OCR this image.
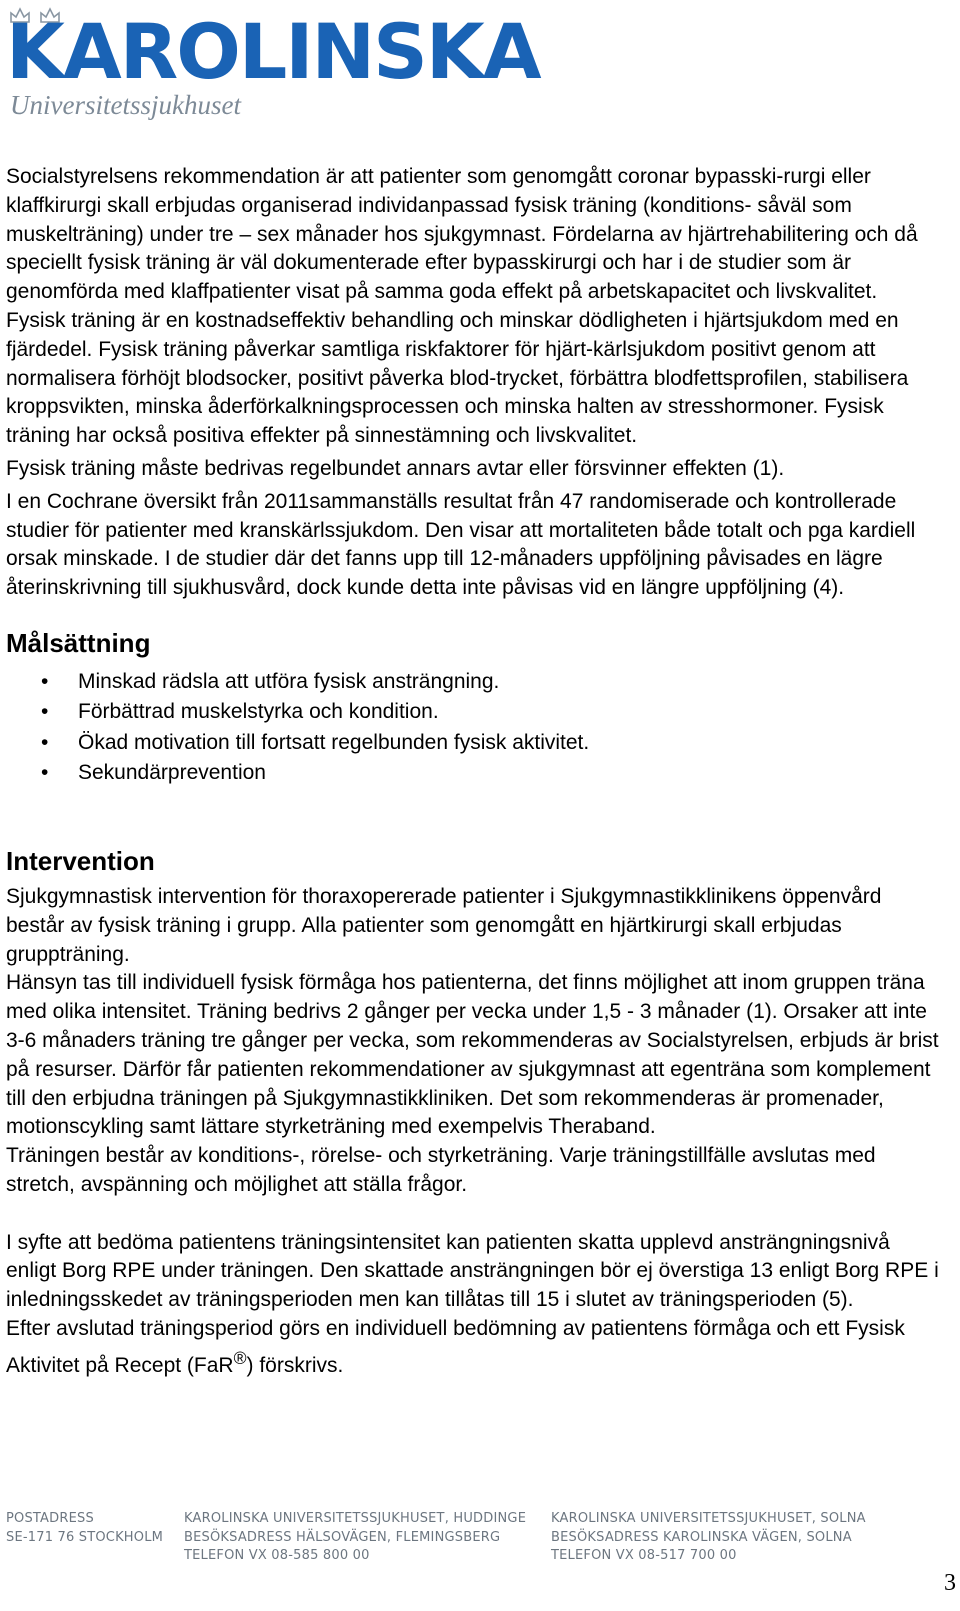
KAROLINSKA
Universitetssjukhuset

Socialstyrelsens rekommendation är att patienter som genomgått coronar bypasski-rurgi eller klaffkirurgi skall erbjudas organiserad individanpassad fysisk träning (konditions- såväl som muskelträning) under tre – sex månader hos sjukgymnast. Fördelarna av hjärtrehabilitering och då speciellt fysisk träning är väl dokumenterade efter bypasskirurgi och har i de studier som är genomförda med klaffpatienter visat på samma goda effekt på arbetskapacitet och livskvalitet.

Fysisk träning är en kostnadseffektiv behandling och minskar dödligheten i hjärtsjukdom med en fjärdedel. Fysisk träning påverkar samtliga riskfaktorer för hjärt-kärlsjukdom positivt genom att normalisera förhöjt blodsocker, positivt påverka blod-trycket, förbättra blodfettsprofilen, stabilisera kroppsvikten, minska åderförkalkningsprocessen och minska halten av stresshormoner. Fysisk träning har också positiva effekter på sinnestämning och livskvalitet.

Fysisk träning måste bedrivas regelbundet annars avtar eller försvinner effekten (1).

I en Cochrane översikt från 2011sammanställs resultat från 47 randomiserade och kontrollerade studier för patienter med kranskärlssjukdom. Den visar att mortaliteten både totalt och pga kardiell orsak minskade. I de studier där det fanns upp till 12-månaders uppföljning påvisades en lägre återinskrivning till sjukhusvård, dock kunde detta inte påvisas vid en längre uppföljning (4).

Målsättning
• Minskad rädsla att utföra fysisk ansträngning.
• Förbättrad muskelstyrka och kondition.
• Ökad motivation till fortsatt regelbunden fysisk aktivitet.
• Sekundärprevention
Intervention

Sjukgymnastisk intervention för thoraxopererade patienter i Sjukgymnastikklinikens öppenvård består av fysisk träning i grupp. Alla patienter som genomgått en hjärtkirurgi skall erbjudas gruppträning.

Hänsyn tas till individuell fysisk förmåga hos patienterna, det finns möjlighet att inom gruppen träna med olika intensitet. Träning bedrivs 2 gånger per vecka under 1,5 - 3 månader (1). Orsaker att inte 3-6 månaders träning tre gånger per vecka, som rekommenderas av Socialstyrelsen, erbjuds är brist på resurser. Därför får patienten rekommendationer av sjukgymnast att egenträna som komplement till den erbjudna träningen på Sjukgymnastikkliniken. Det som rekommenderas är promenader, motionscykling samt lättare styrketräning med exempelvis Theraband.

Träningen består av konditions-, rörelse- och styrketräning. Varje träningstillfälle avslutas med stretch, avspänning och möjlighet att ställa frågor.

I syfte att bedöma patientens träningsintensitet kan patienten skatta upplevd ansträngningsnivå enligt Borg RPE under träningen. Den skattade ansträngningen bör ej överstiga 13 enligt Borg RPE i inledningsskedet av träningsperioden men kan tillåtas till 15 i slutet av träningsperioden (5).

Efter avslutad träningsperiod görs en individuell bedömning av patientens förmåga och ett Fysisk Aktivitet på Recept (FaR®) förskrivs.

POSTADRESS
SE-171 76 STOCKHOLM
KAROLINSKA UNIVERSITETSSJUKHUSET, HUDDINGE
BESÖKSADRESS HÄLSOVÄGEN, FLEMINGSBERG
TELEFON VX 08-585 800 00
KAROLINSKA UNIVERSITETSSJUKHUSET, SOLNA
BESÖKSADRESS KAROLINSKA VÄGEN, SOLNA
TELEFON VX 08-517 700 00
3
